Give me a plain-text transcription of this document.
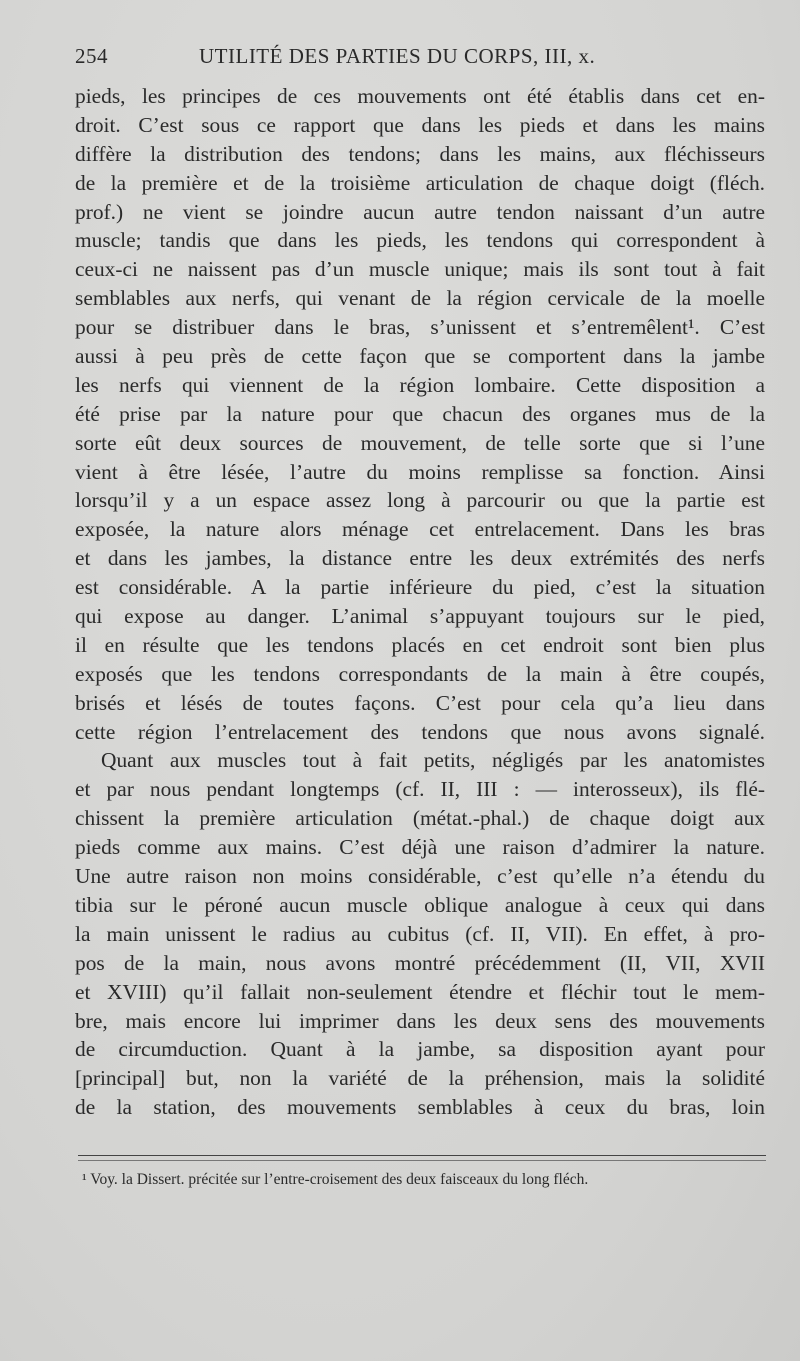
254	UTILITÉ DES PARTIES DU CORPS, III, x.
pieds, les principes de ces mouvements ont été établis dans cet en-
droit. C’est sous ce rapport que dans les pieds et dans les mains
diffère la distribution des tendons; dans les mains, aux fléchisseurs
de la première et de la troisième articulation de chaque doigt (fléch.
prof.) ne vient se joindre aucun autre tendon naissant d’un autre
muscle; tandis que dans les pieds, les tendons qui correspondent à
ceux-ci ne naissent pas d’un muscle unique; mais ils sont tout à fait
semblables aux nerfs, qui venant de la région cervicale de la moelle
pour se distribuer dans le bras, s’unissent et s’entremêlent¹. C’est
aussi à peu près de cette façon que se comportent dans la jambe
les nerfs qui viennent de la région lombaire. Cette disposition a
été prise par la nature pour que chacun des organes mus de la
sorte eût deux sources de mouvement, de telle sorte que si l’une
vient à être lésée, l’autre du moins remplisse sa fonction. Ainsi
lorsqu’il y a un espace assez long à parcourir ou que la partie est
exposée, la nature alors ménage cet entrelacement. Dans les bras
et dans les jambes, la distance entre les deux extrémités des nerfs
est considérable. A la partie inférieure du pied, c’est la situation
qui expose au danger. L’animal s’appuyant toujours sur le pied,
il en résulte que les tendons placés en cet endroit sont bien plus
exposés que les tendons correspondants de la main à être coupés,
brisés et lésés de toutes façons. C’est pour cela qu’a lieu dans
cette région l’entrelacement des tendons que nous avons signalé.
Quant aux muscles tout à fait petits, négligés par les anatomistes
et par nous pendant longtemps (cf. II, III : — interosseux), ils flé-
chissent la première articulation (métat.-phal.) de chaque doigt aux
pieds comme aux mains. C’est déjà une raison d’admirer la nature.
Une autre raison non moins considérable, c’est qu’elle n’a étendu du
tibia sur le péroné aucun muscle oblique analogue à ceux qui dans
la main unissent le radius au cubitus (cf. II, VII). En effet, à pro-
pos de la main, nous avons montré précédemment (II, VII, XVII
et XVIII) qu’il fallait non-seulement étendre et fléchir tout le mem-
bre, mais encore lui imprimer dans les deux sens des mouvements
de circumduction. Quant à la jambe, sa disposition ayant pour
[principal] but, non la variété de la préhension, mais la solidité
de la station, des mouvements semblables à ceux du bras, loin
¹ Voy. la Dissert. précitée sur l’entre-croisement des deux faisceaux du long fléch.
